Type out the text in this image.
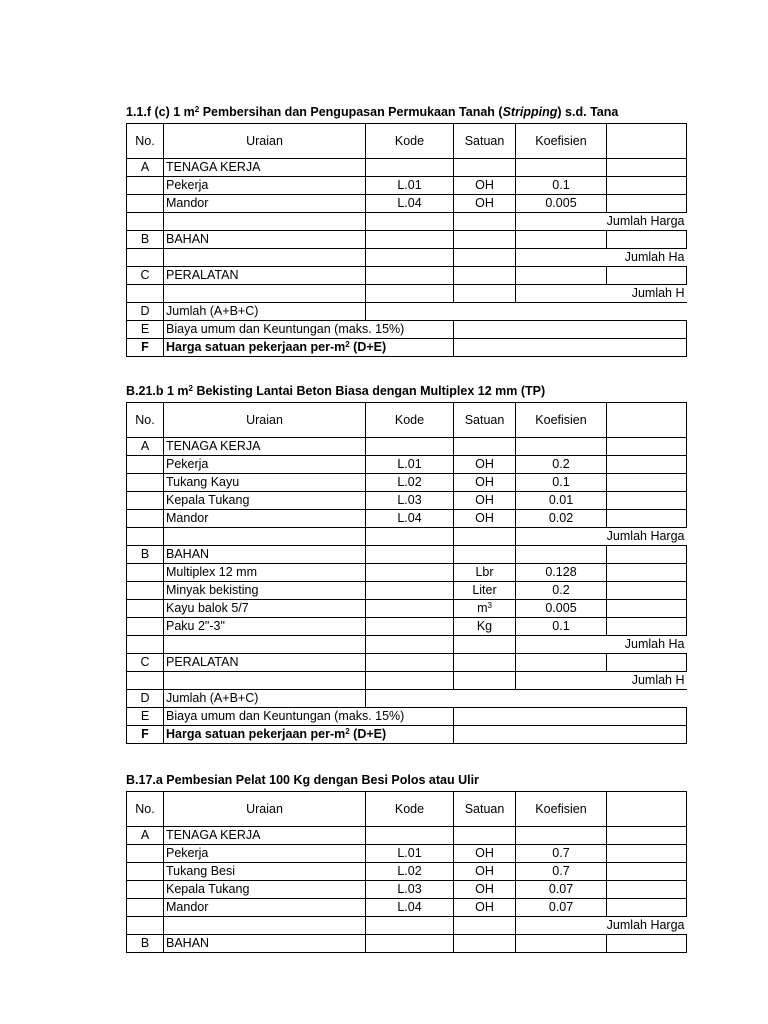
1.1.f (c) 1 $m^2$ Pembersihan dan Pengupasan Permukaan Tanah (Stripping) s.d. Tana
No.	Uraian	Kode	Satuan	Koefisien	
A	TENAGA KERJA				
	Pekerja	L.01	OH	0.1	
	Mandor	L.04	OH	0.005	
				Jumlah Harga	
B	BAHAN				
				Jumlah Ha	
C	PERALATAN				
				Jumlah H	
D	Jumlah (A+B+C)				
E	Biaya umum dan Keuntungan (maks. 15%)				
F	Harga satuan pekerjaan per-$m^2$ (D+E)				
B.21.b 1 $m^2$ Bekisting Lantai Beton Biasa dengan Multiplex 12 mm (TP)
No.	Uraian	Kode	Satuan	Koefisien	
A	TENAGA KERJA				
	Pekerja	L.01	OH	0.2	
	Tukang Kayu	L.02	OH	0.1	
	Kepala Tukang	L.03	OH	0.01	
	Mandor	L.04	OH	0.02	
				Jumlah Harga	
B	BAHAN				
	Multiplex 12 mm		Lbr	0.128	
	Minyak bekisting		Liter	0.2	
	Kayu balok 5/7		$m^3$	0.005	
	Paku 2"-3"		Kg	0.1	
				Jumlah Ha	
C	PERALATAN				
				Jumlah H	
D	Jumlah (A+B+C)				
E	Biaya umum dan Keuntungan (maks. 15%)				
F	Harga satuan pekerjaan per-$m^2$ (D+E)				
B.17.a Pembesian Pelat 100 Kg dengan Besi Polos atau Ulir
No.	Uraian	Kode	Satuan	Koefisien	
A	TENAGA KERJA				
	Pekerja	L.01	OH	0.7	
	Tukang Besi	L.02	OH	0.7	
	Kepala Tukang	L.03	OH	0.07	
	Mandor	L.04	OH	0.07	
				Jumlah Harga	
B	BAHAN				
